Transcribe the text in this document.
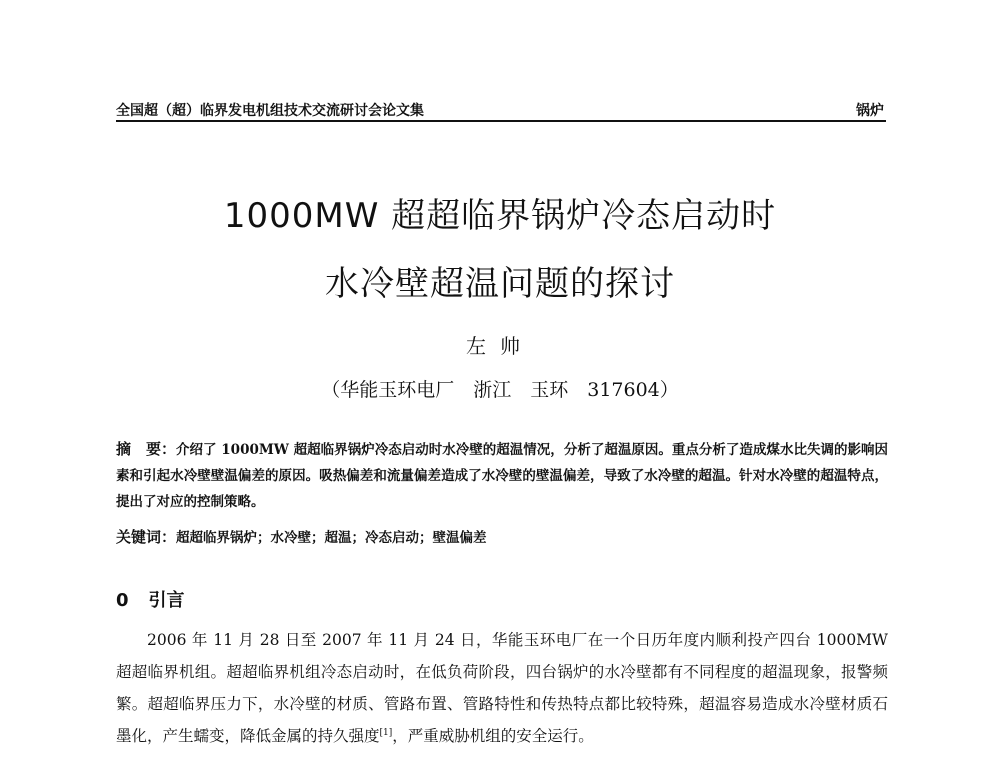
全国超（超）临界发电机组技术交流研讨会论文集	锅炉
1000MW 超超临界锅炉冷态启动时
水冷壁超温问题的探讨
左帅
（华能玉环电厂　浙江　玉环　317604）
摘　要：介绍了 1000MW 超超临界锅炉冷态启动时水冷壁的超温情况，分析了超温原因。重点分析了造成煤水比失调的影响因素和引起水冷壁壁温偏差的原因。吸热偏差和流量偏差造成了水冷壁的壁温偏差，导致了水冷壁的超温。针对水冷壁的超温特点，提出了对应的控制策略。
关键词：超超临界锅炉；水冷壁；超温；冷态启动；壁温偏差
0 引言
2006 年 11 月 28 日至 2007 年 11 月 24 日，华能玉环电厂在一个日历年度内顺利投产四台 1000MW 超超临界机组。超超临界机组冷态启动时，在低负荷阶段，四台锅炉的水冷壁都有不同程度的超温现象，报警频繁。超超临界压力下，水冷壁的材质、管路布置、管路特性和传热特点都比较特殊，超温容易造成水冷壁材质石墨化，产生蠕变，降低金属的持久强度[1]，严重威胁机组的安全运行。
